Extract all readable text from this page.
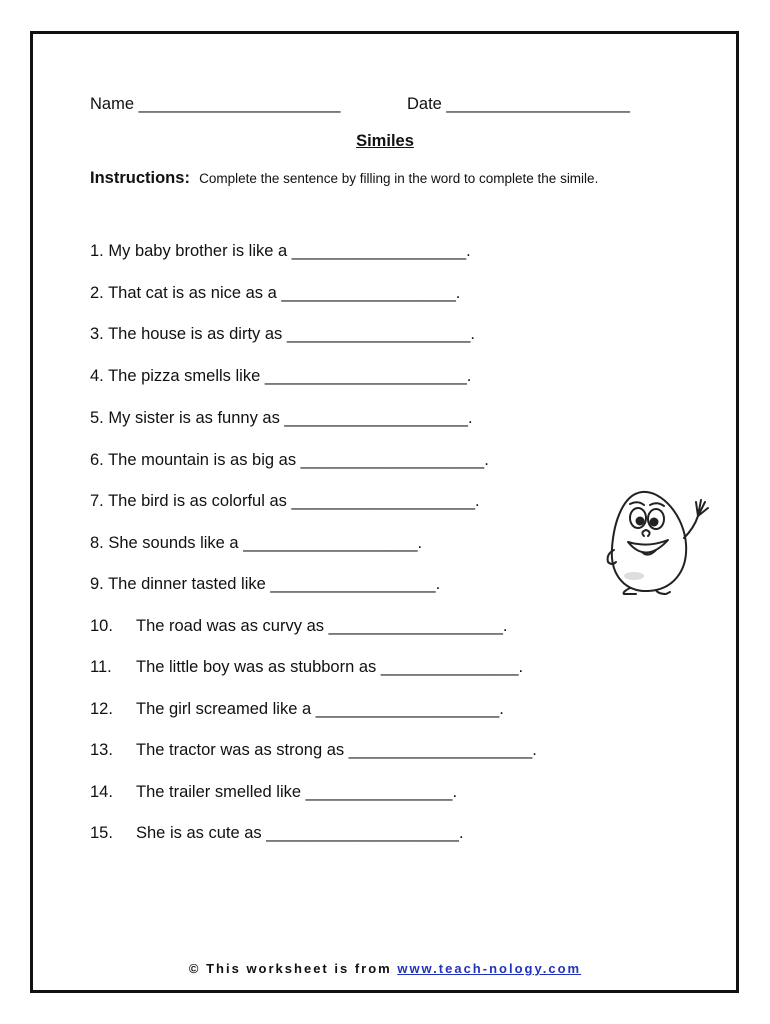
Name ______________________	Date ____________________
Similes
Instructions: Complete the sentence by filling in the word to complete the simile.
1. My baby brother is like a ___________________.
2. That cat is as nice as a ___________________.
3. The house is as dirty as ____________________.
4. The pizza smells like ______________________.
5. My sister is as funny as ____________________.
6. The mountain is as big as ____________________.
7. The bird is as colorful as ____________________.
8. She sounds like a ___________________.
9. The dinner tasted like __________________.
10. The road was as curvy as ___________________.
11. The little boy was as stubborn as _______________.
12. The girl screamed like a ____________________.
13. The tractor was as strong as ____________________.
14. The trailer smelled like ________________.
15. She is as cute as _____________________.
© This worksheet is from www.teach-nology.com
